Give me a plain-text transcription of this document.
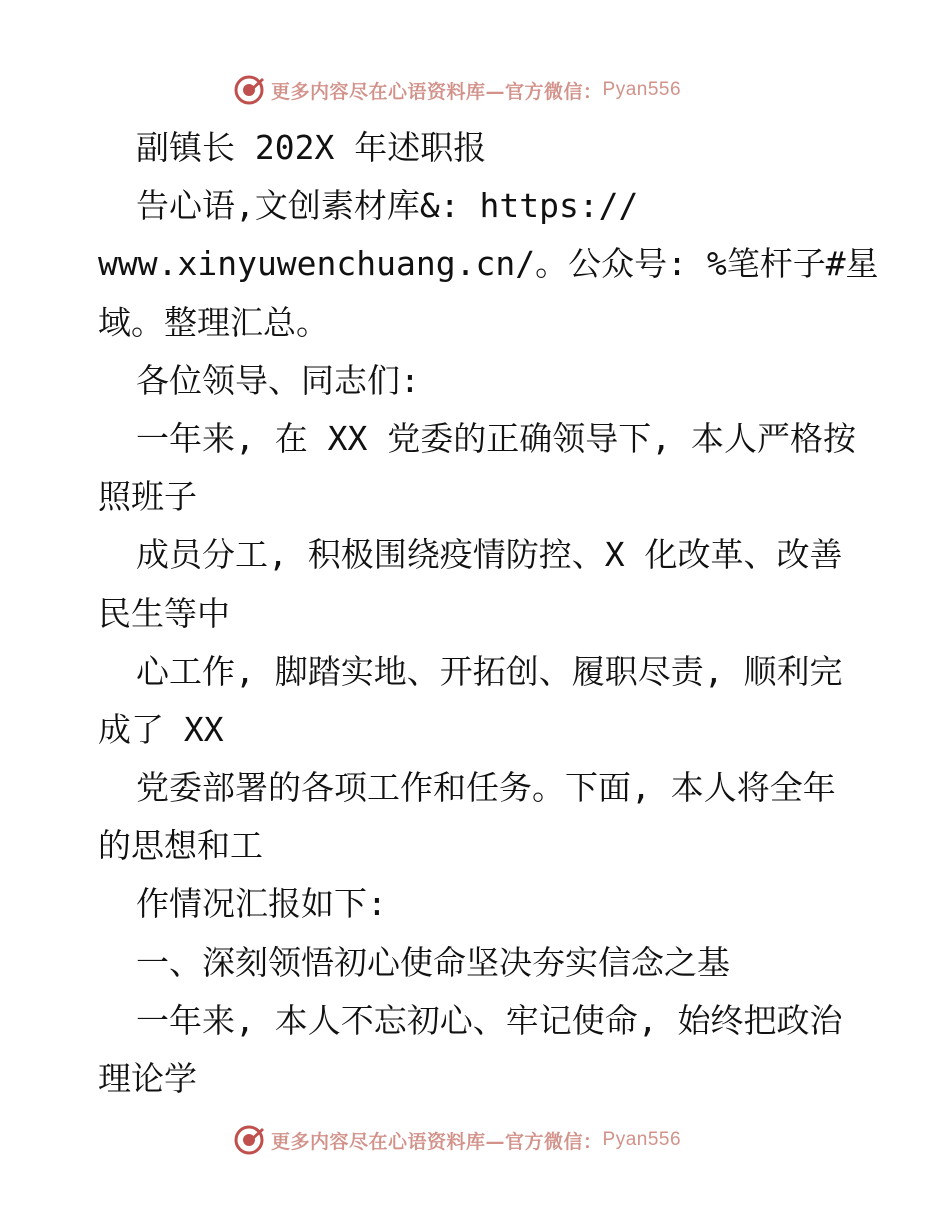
更多内容尽在心语资料库—官方微信： Pyan556
副镇长 202X 年述职报
告心语,文创素材库&: https://
www.xinyuwenchuang.cn/。公众号: %笔杆子#星
域。整理汇总。
各位领导、同志们:
一年来, 在 XX 党委的正确领导下, 本人严格按
照班子
成员分工, 积极围绕疫情防控、X 化改革、改善
民生等中
心工作, 脚踏实地、开拓创、履职尽责, 顺利完
成了 XX
党委部署的各项工作和任务。下面, 本人将全年
的思想和工
作情况汇报如下:
一、深刻领悟初心使命坚决夯实信念之基
一年来, 本人不忘初心、牢记使命, 始终把政治
理论学
更多内容尽在心语资料库—官方微信： Pyan556
